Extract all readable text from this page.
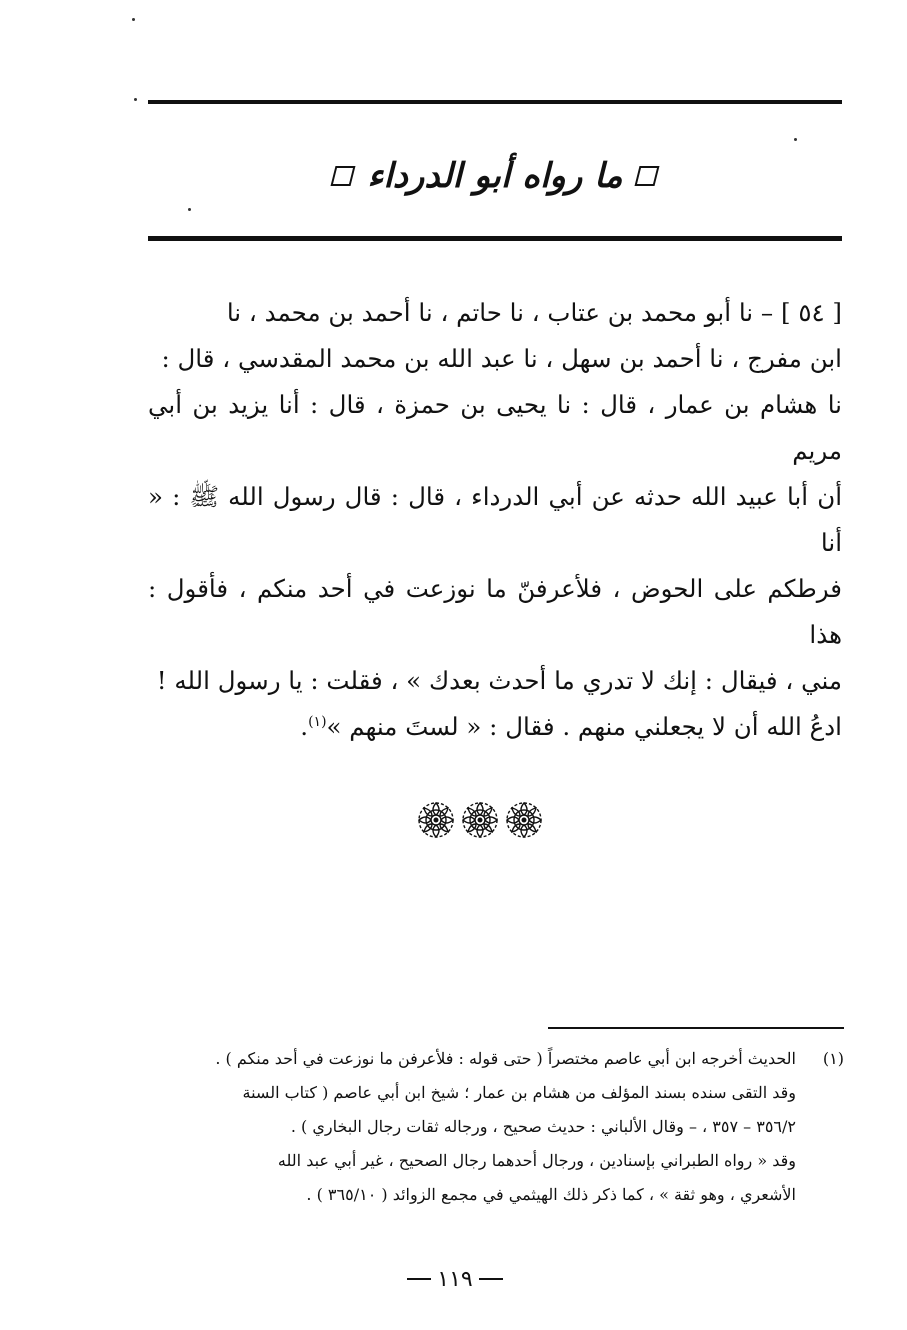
ما رواه أبو الدرداء

[ ٥٤ ] – نا أبو محمد بن عتاب ، نا حاتم ، نا أحمد بن محمد ، نا

ابن مفرج ، نا أحمد بن سهل ، نا عبد الله بن محمد المقدسي ، قال :

نا هشام بن عمار ، قال : نا يحيى بن حمزة ، قال : أنا يزيد بن أبي مريم

أن أبا عبيد الله حدثه عن أبي الدرداء ، قال : قال رسول الله ﷺ : « أنا

فرطكم على الحوض ، فلأعرفنّ ما نوزعت في أحد منكم ، فأقول : هذا

مني ، فيقال : إنك لا تدري ما أحدث بعدك » ، فقلت : يا رسول الله !

ادعُ الله أن لا يجعلني منهم . فقال : « لستَ منهم »$^{(١)}$.

(١)
الحديث أخرجه ابن أبي عاصم مختصراً ( حتى قوله : فلأعرفن ما نوزعت في أحد منكم ) .
وقد التقى سنده بسند المؤلف من هشام بن عمار ؛ شيخ ابن أبي عاصم ( كتاب السنة
٣٥٦/٢ – ٣٥٧ ، – وقال الألباني : حديث صحيح ، ورجاله ثقات رجال البخاري ) .
وقد « رواه الطبراني بإسنادين ، ورجال أحدهما رجال الصحيح ، غير أبي عبد الله
الأشعري ، وهو ثقة » ، كما ذكر ذلك الهيثمي في مجمع الزوائد ( ٣٦٥/١٠ ) .
١١٩
